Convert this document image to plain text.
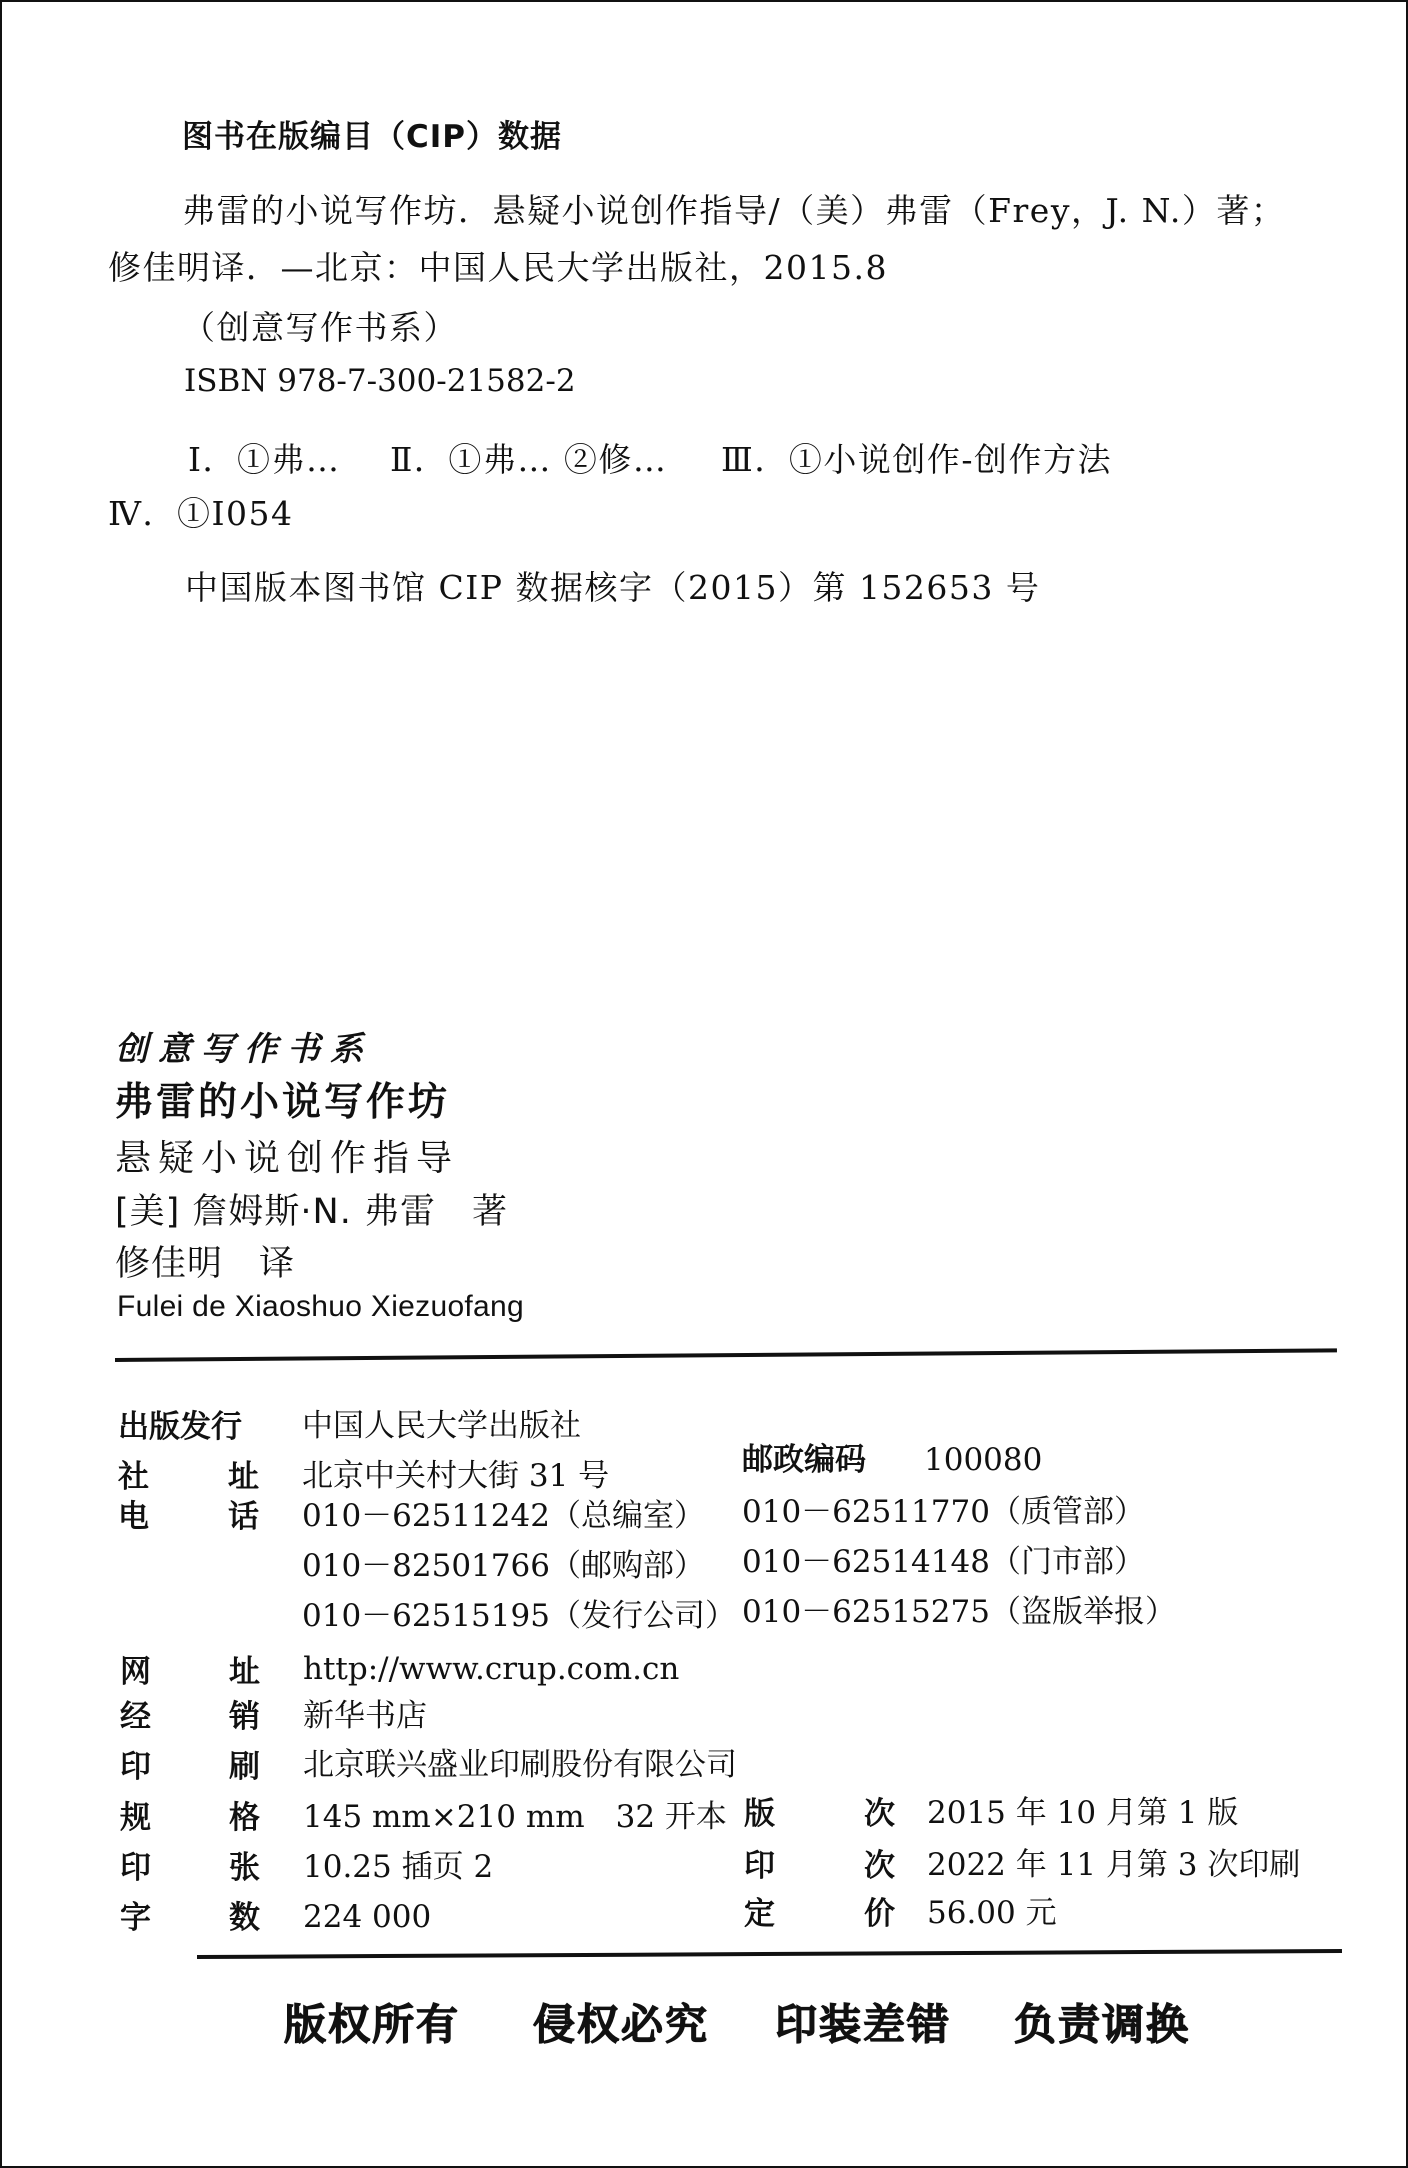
图书在版编目（CIP）数据
弗雷的小说写作坊．悬疑小说创作指导/（美）弗雷（Frey，J. N.）著；
修佳明译．—北京：中国人民大学出版社，2015.8
（创意写作书系）
ISBN 978-7-300-21582-2
Ⅰ．①弗… Ⅱ．①弗… ②修… Ⅲ．①小说创作-创作方法
Ⅳ．①I054
中国版本图书馆 CIP 数据核字（2015）第 152653 号
创意写作书系
弗雷的小说写作坊
悬疑小说创作指导
[美] 詹姆斯·N. 弗雷　著
修佳明　译
Fulei de Xiaoshuo Xiezuofang
出版发行 中国人民大学出版社
社	址 北京中关村大街 31 号	邮政编码 100080
电	话 010－62511242（总编室） 010－62511770（质管部）
010－82501766（邮购部） 010－62514148（门市部）
010－62515195（发行公司） 010－62515275（盗版举报）
网	址 http://www.crup.com.cn
经	销 新华书店
印	刷 北京联兴盛业印刷股份有限公司
规	格 145 mm×210 mm　32 开本 版	次 2015 年 10 月第 1 版
印	张 10.25 插页 2	印	次 2022 年 11 月第 3 次印刷
字	数 224 000	定	价 56.00 元
版权所有 侵权必究 印装差错 负责调换
